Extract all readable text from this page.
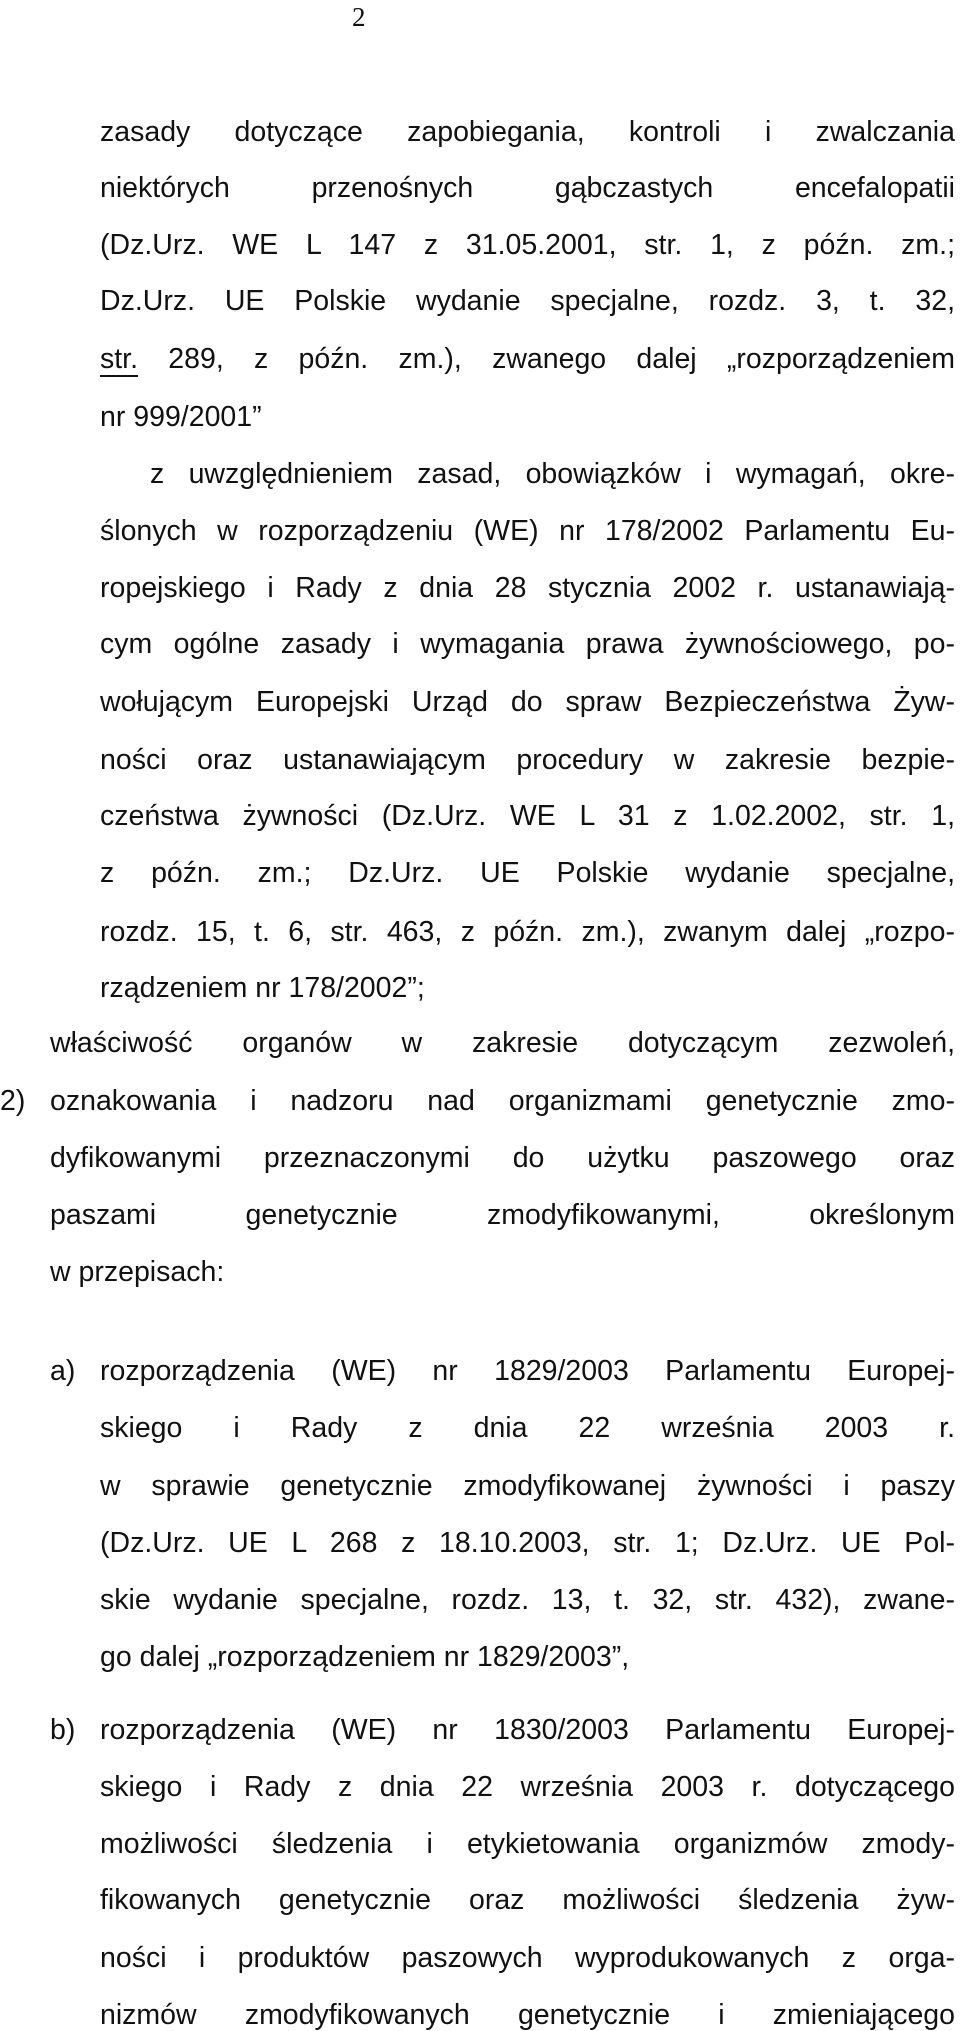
2
zasady dotyczące zapobiegania, kontroli i zwalczania
niektórych przenośnych gąbczastych encefalopatii
(Dz.Urz. WE L 147 z 31.05.2001, str. 1, z późn. zm.;
Dz.Urz. UE Polskie wydanie specjalne, rozdz. 3, t. 32,
str. 289, z późn. zm.), zwanego dalej „rozporządzeniem
nr 999/2001”
z uwzględnieniem zasad, obowiązków i wymagań, okre-
ślonych w rozporządzeniu (WE) nr 178/2002 Parlamentu Eu-
ropejskiego i Rady z dnia 28 stycznia 2002 r. ustanawiają-
cym ogólne zasady i wymagania prawa żywnościowego, po-
wołującym Europejski Urząd do spraw Bezpieczeństwa Żyw-
ności oraz ustanawiającym procedury w zakresie bezpie-
czeństwa żywności (Dz.Urz. WE L 31 z 1.02.2002, str. 1,
z późn. zm.; Dz.Urz. UE Polskie wydanie specjalne,
rozdz. 15, t. 6, str. 463, z późn. zm.), zwanym dalej „rozpo-
rządzeniem nr 178/2002”;
2)
właściwość organów w zakresie dotyczącym zezwoleń,
oznakowania i nadzoru nad organizmami genetycznie zmo-
dyfikowanymi przeznaczonymi do użytku paszowego oraz
paszami genetycznie zmodyfikowanymi, określonym
w przepisach:
a) rozporządzenia (WE) nr 1829/2003 Parlamentu Europej-
skiego i Rady z dnia 22 września 2003 r.
w sprawie genetycznie zmodyfikowanej żywności i paszy
(Dz.Urz. UE L 268 z 18.10.2003, str. 1; Dz.Urz. UE Pol-
skie wydanie specjalne, rozdz. 13, t. 32, str. 432), zwane-
go dalej „rozporządzeniem nr 1829/2003”,
b) rozporządzenia (WE) nr 1830/2003 Parlamentu Europej-
skiego i Rady z dnia 22 września 2003 r. dotyczącego
możliwości śledzenia i etykietowania organizmów zmody-
fikowanych genetycznie oraz możliwości śledzenia żyw-
ności i produktów paszowych wyprodukowanych z orga-
nizmów zmodyfikowanych genetycznie i zmieniającego
